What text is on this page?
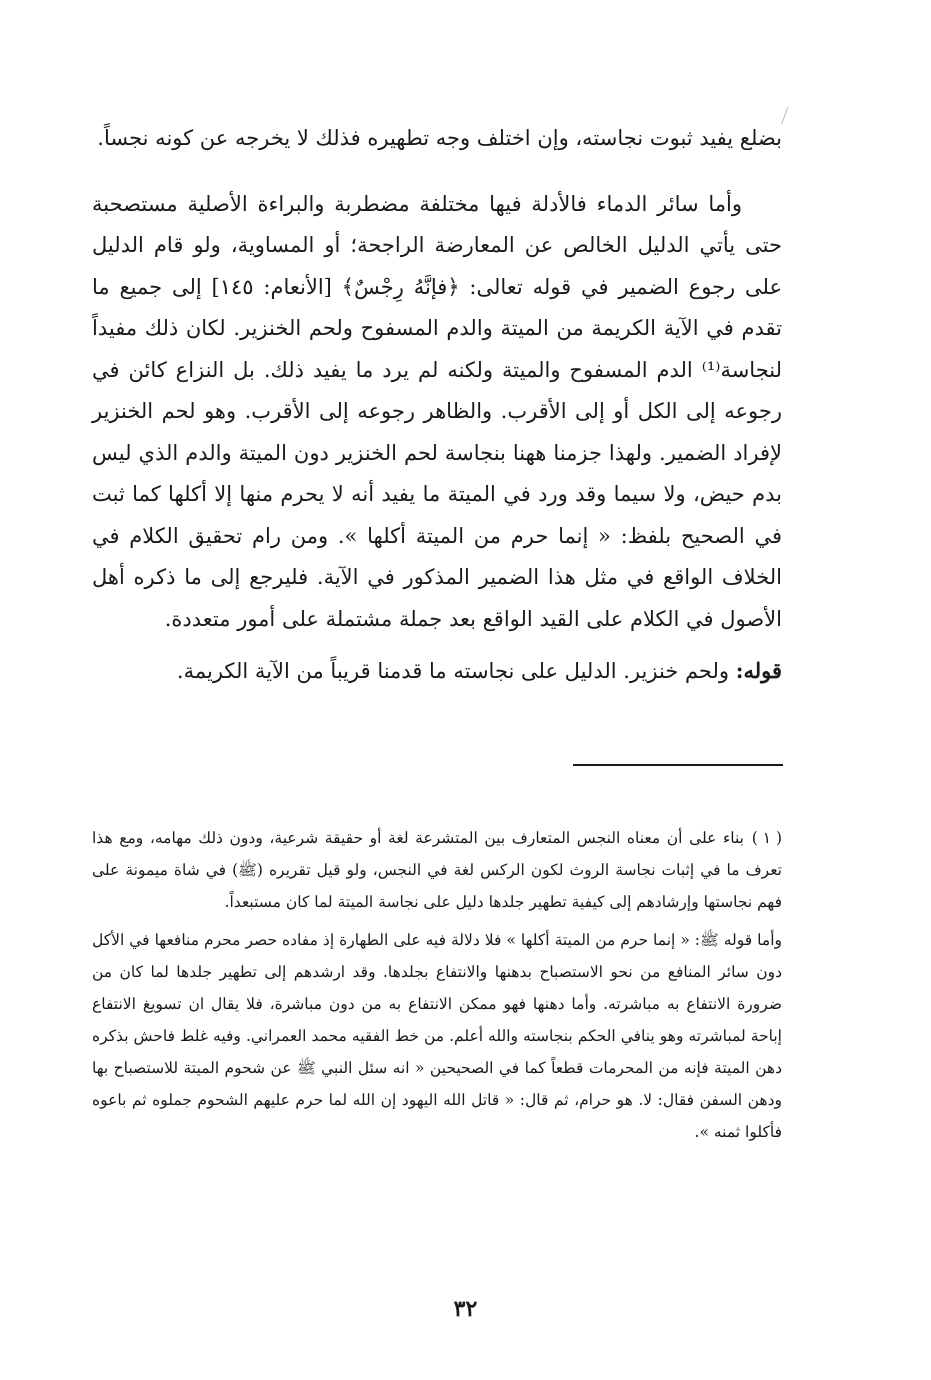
بضلع يفيد ثبوت نجاسته، وإن اختلف وجه تطهيره فذلك لا يخرجه عن كونه نجساً.

وأما سائر الدماء فالأدلة فيها مختلفة مضطربة والبراءة الأصلية مستصحبة حتى يأتي الدليل الخالص عن المعارضة الراجحة؛ أو المساوية، ولو قام الدليل على رجوع الضمير في قوله تعالى: ﴿فإنَّهُ رِجْسٌ﴾ [الأنعام: ١٤٥] إلى جميع ما تقدم في الآية الكريمة من الميتة والدم المسفوح ولحم الخنزير. لكان ذلك مفيداً لنجاسة⁽¹⁾ الدم المسفوح والميتة ولكنه لم يرد ما يفيد ذلك. بل النزاع كائن في رجوعه إلى الكل أو إلى الأقرب. والظاهر رجوعه إلى الأقرب. وهو لحم الخنزير لإفراد الضمير. ولهذا جزمنا ههنا بنجاسة لحم الخنزير دون الميتة والدم الذي ليس بدم حيض، ولا سيما وقد ورد في الميتة ما يفيد أنه لا يحرم منها إلا أكلها كما ثبت في الصحيح بلفظ: « إنما حرم من الميتة أكلها ». ومن رام تحقيق الكلام في الخلاف الواقع في مثل هذا الضمير المذكور في الآية. فليرجع إلى ما ذكره أهل الأصول في الكلام على القيد الواقع بعد جملة مشتملة على أمور متعددة.

قوله: ولحم خنزير. الدليل على نجاسته ما قدمنا قريباً من الآية الكريمة.

( ١ )بناء على أن معناه النجس المتعارف بين المتشرعة لغة أو حقيقة شرعية، ودون ذلك مهامه، ومع هذا تعرف ما في إثبات نجاسة الروث لكون الركس لغة في النجس، ولو قيل تقريره (ﷺ) في شاة ميمونة على فهم نجاستها وإرشادهم إلى كيفية تطهير جلدها دليل على نجاسة الميتة لما كان مستبعداً.

وأما قوله ﷺ: « إنما حرم من الميتة أكلها » فلا دلالة فيه على الطهارة إذ مفاده حصر محرم منافعها في الأكل دون سائر المنافع من نحو الاستصباح بدهنها والانتفاع بجلدها. وقد ارشدهم إلى تطهير جلدها لما كان من ضرورة الانتفاع به مباشرته. وأما دهنها فهو ممكن الانتفاع به من دون مباشرة، فلا يقال ان تسويغ الانتفاع إباحة لمباشرته وهو ينافي الحكم بنجاسته والله أعلم. من خط الفقيه محمد العمراني. وفيه غلط فاحش بذكره دهن الميتة فإنه من المحرمات قطعاً كما في الصحيحين « انه سئل النبي ﷺ عن شحوم الميتة للاستصباح بها ودهن السفن فقال: لا. هو حرام، ثم قال: « قاتل الله اليهود إن الله لما حرم عليهم الشحوم جملوه ثم باعوه فأكلوا ثمنه ».

٣٢
